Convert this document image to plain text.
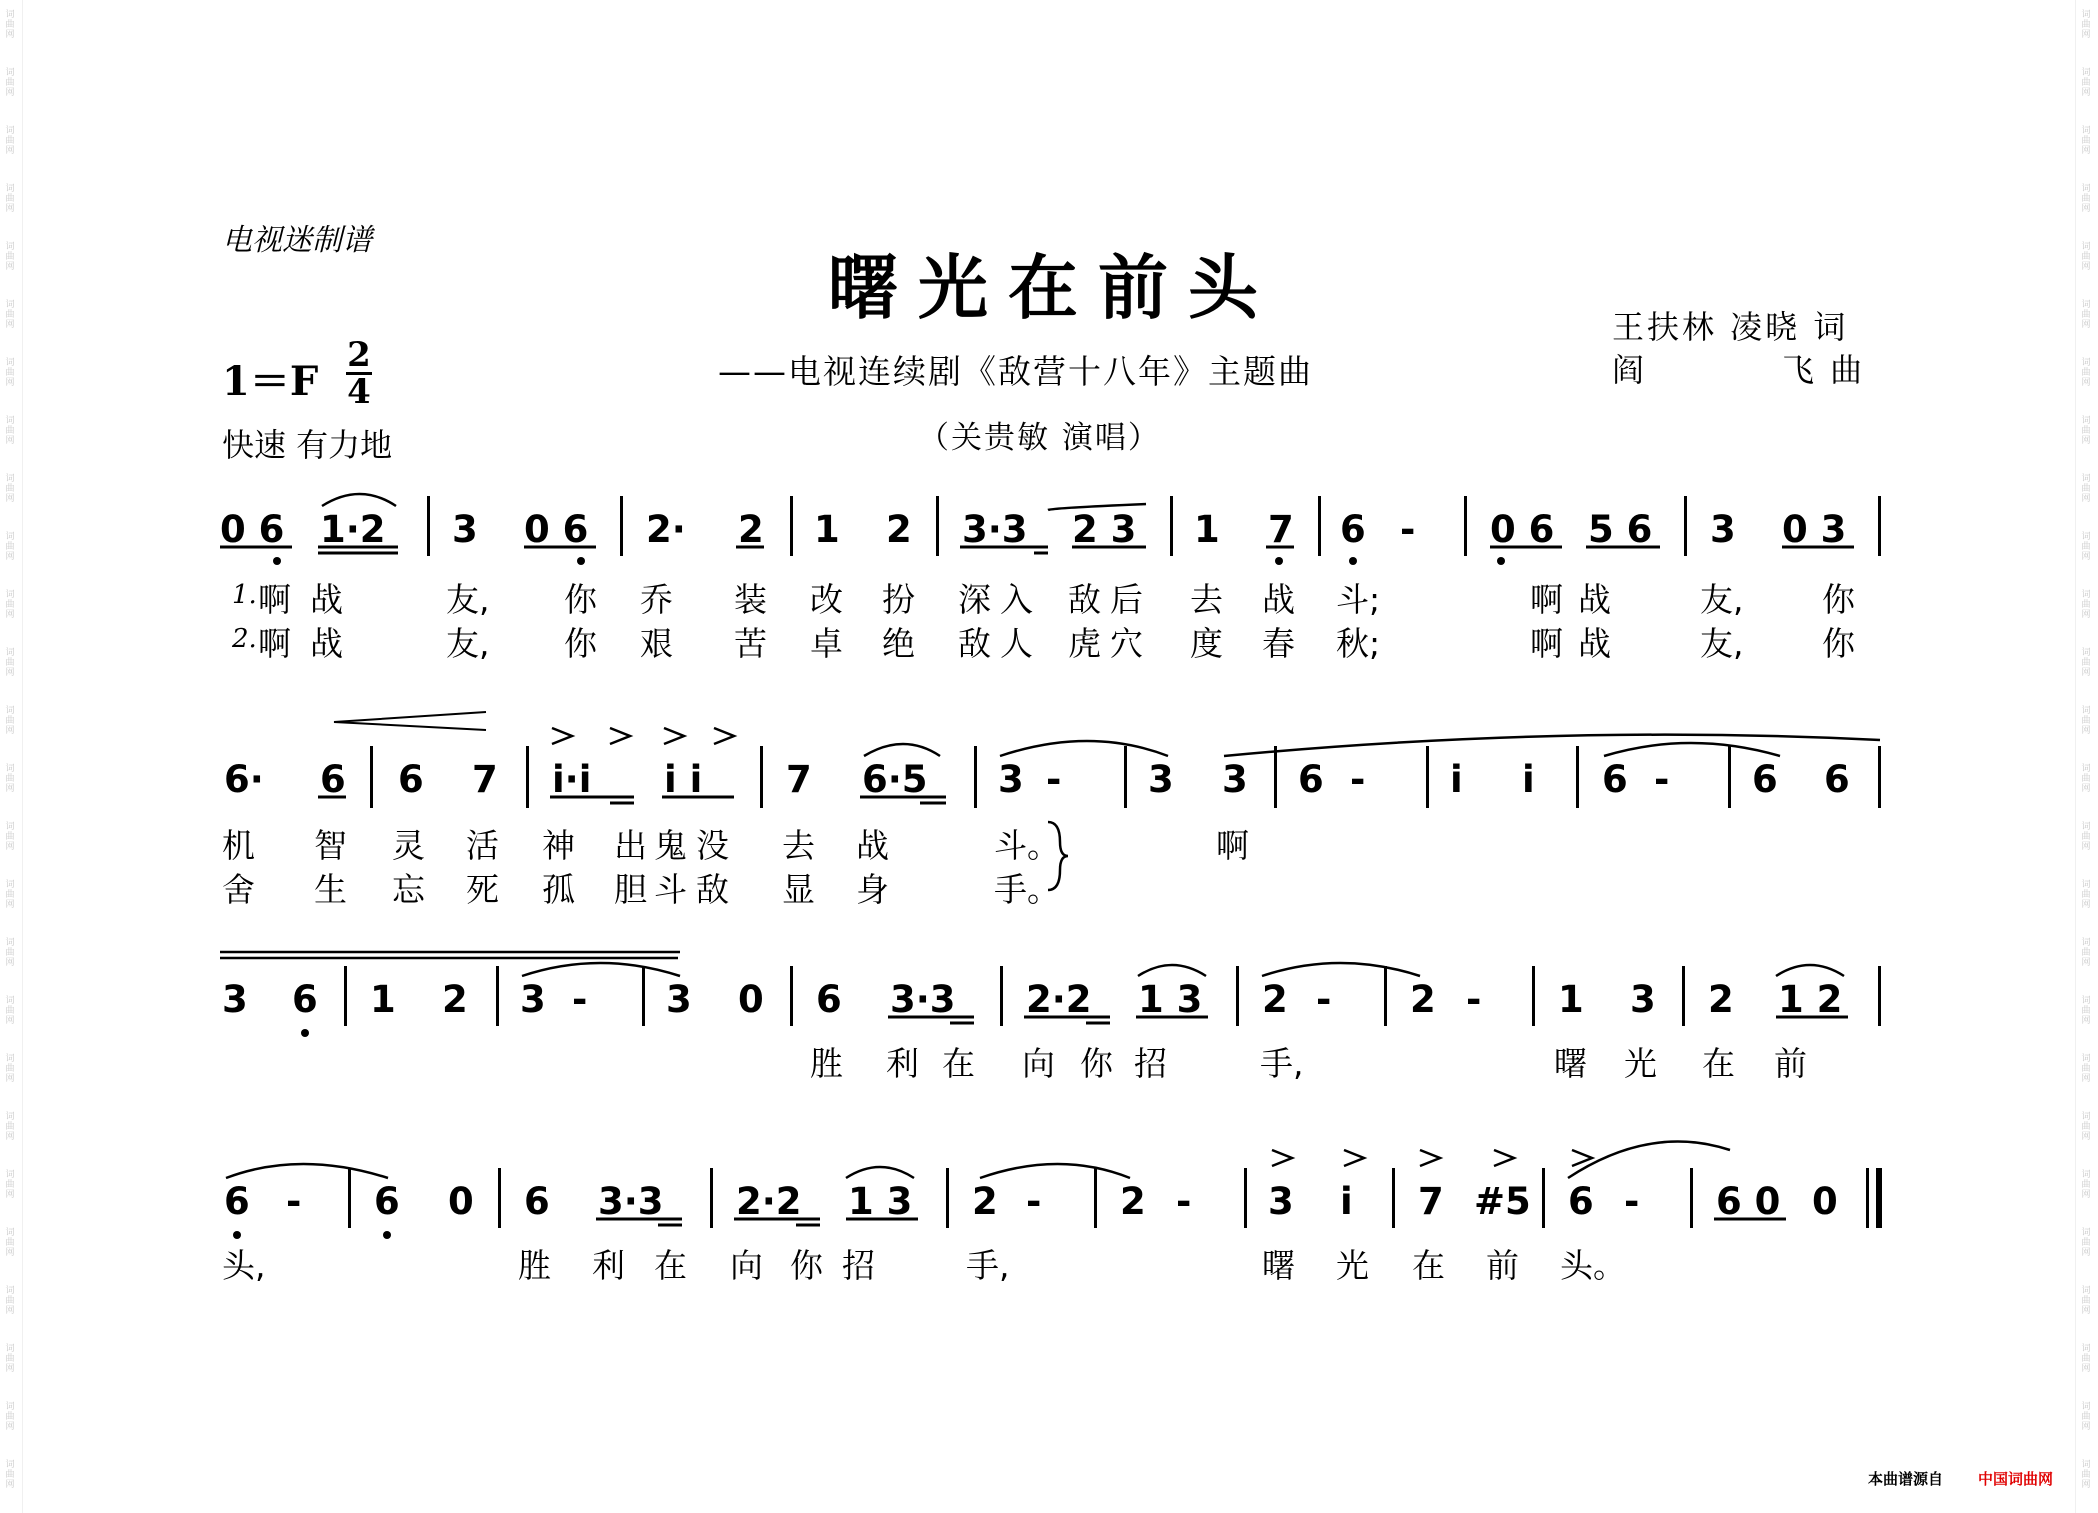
词曲网
词曲网
词曲网
词曲网
词曲网
词曲网
词曲网
词曲网
词曲网
词曲网
词曲网
词曲网
词曲网
词曲网
词曲网
词曲网
词曲网
词曲网
词曲网
词曲网
词曲网
词曲网
词曲网
词曲网
词曲网
词曲网
词曲网
词曲网
词曲网
词曲网
词曲网
词曲网
词曲网
词曲网
词曲网
词曲网
词曲网
词曲网
词曲网
词曲网
词曲网
词曲网
词曲网
词曲网
词曲网
词曲网
词曲网
词曲网
词曲网
词曲网
词曲网
词曲网
电视迷制谱
曙光在前头
——电视连续剧《敌营十八年》主题曲
（关贵敏 演唱）
王扶林 凌晓 词
阎	飞 曲
1＝F
2
4
快速 有力地
0 6 1·2 3 0 6 2· 2 1 2 3·3 2 3 1 7 6 - 0 6 5 6 3 0 3
1. 啊 战	友, 你 乔 装 改 扮 深 入 敌 后 去 战 斗;	啊 战	友, 你
2. 啊 战	友, 你 艰 苦 卓 绝 敌 人 虎 穴 度 春 秋;	啊 战	友, 你
6· 6 6 7 i·i i i 7 6·5 3 - 3 3 6 - i i 6 - 6 6
机 智 灵 活 神 出 鬼 没 去 战	斗。	啊
舍 生 忘 死 孤 胆 斗 敌 显 身	手。
3 6 1 2 3 - 3 0 6 3·3 2·2 1 3 2 - 2 - 1 3 2 1 2
胜 利 在 向 你 招	手,	曙 光 在 前
6 - 6 0 6 3·3 2·2 1 3 2 - 2 - 3 i 7 #5 6 - 6 0 0
头,	胜 利 在 向 你 招	手,	曙 光 在 前 头。
本曲谱源自 中国词曲网
